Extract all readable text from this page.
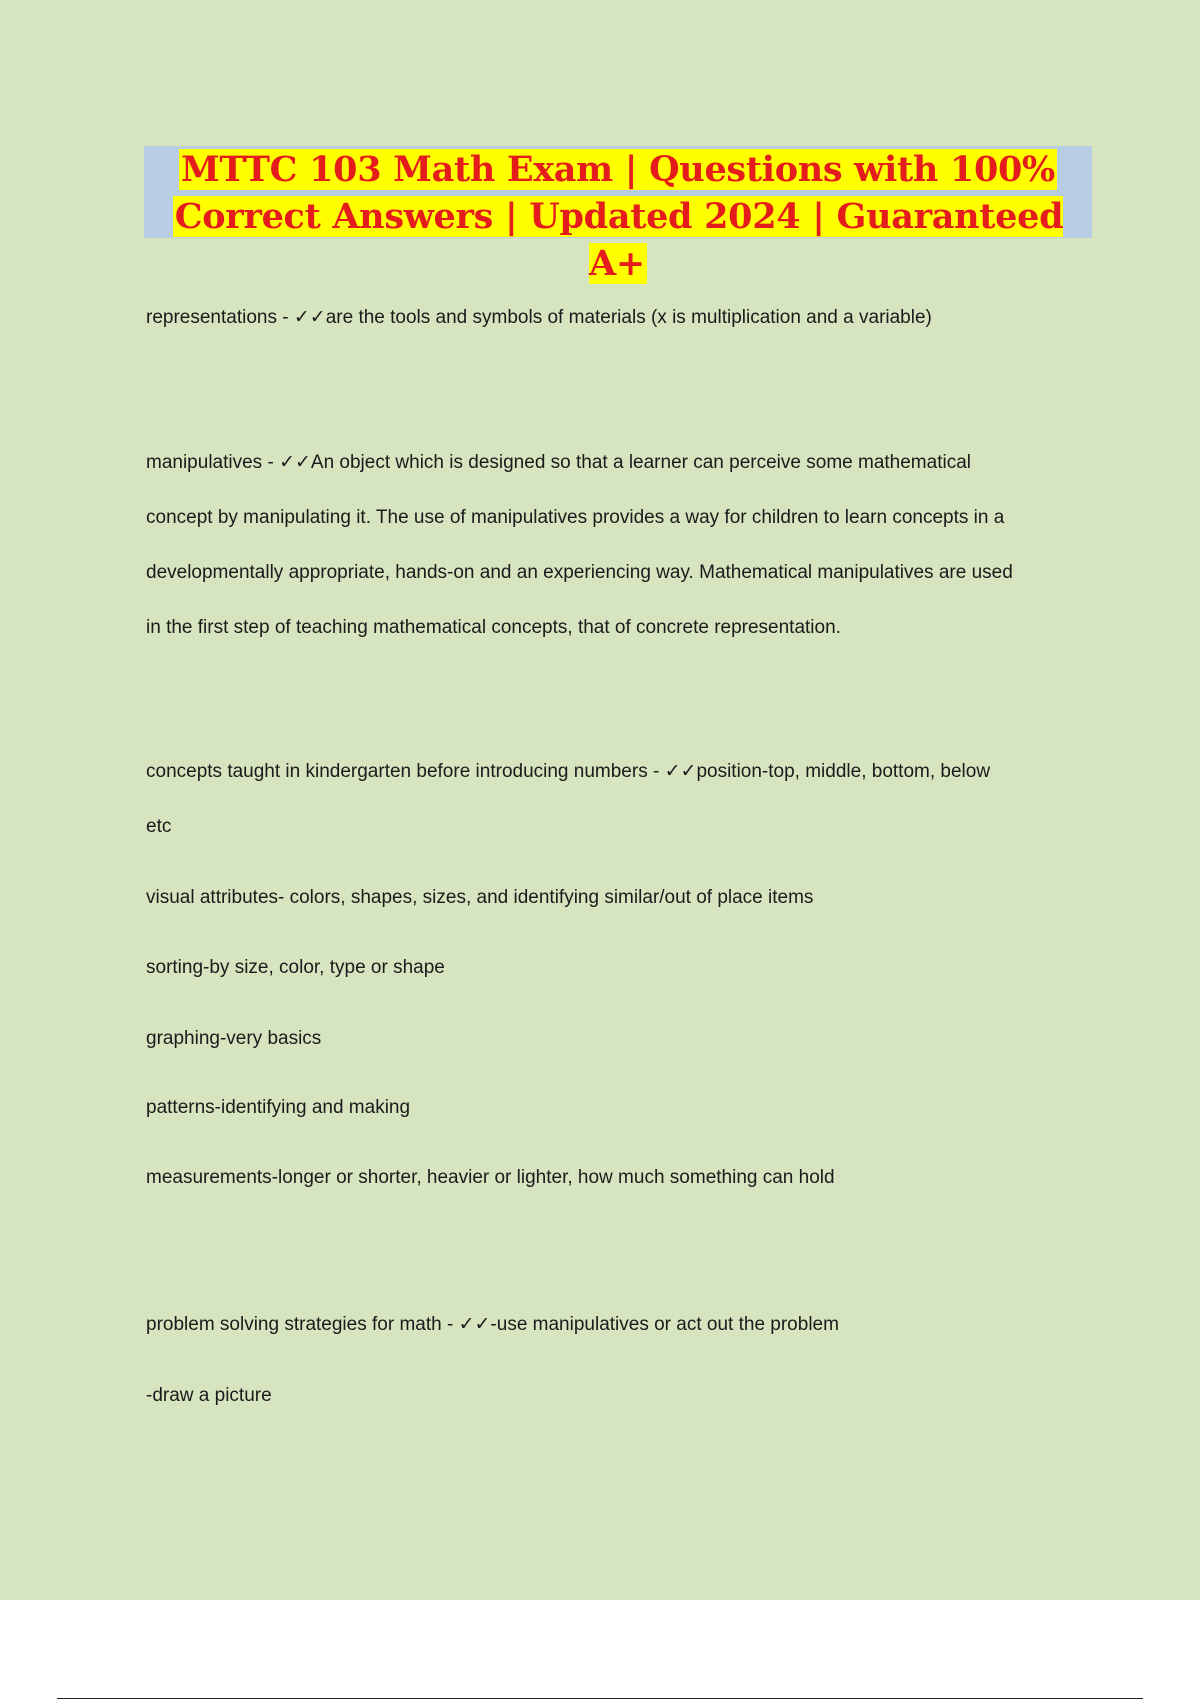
MTTC 103 Math Exam | Questions with 100%
Correct Answers | Updated 2024 | Guaranteed A+

representations - ✓✓are the tools and symbols of materials (x is multiplication and a variable)

manipulatives - ✓✓An object which is designed so that a learner can perceive some mathematical

concept by manipulating it. The use of manipulatives provides a way for children to learn concepts in a

developmentally appropriate, hands-on and an experiencing way. Mathematical manipulatives are used

in the first step of teaching mathematical concepts, that of concrete representation.

concepts taught in kindergarten before introducing numbers - ✓✓position-top, middle, bottom, below

etc

visual attributes- colors, shapes, sizes, and identifying similar/out of place items

sorting-by size, color, type or shape

graphing-very basics

patterns-identifying and making

measurements-longer or shorter, heavier or lighter, how much something can hold

problem solving strategies for math - ✓✓-use manipulatives or act out the problem

-draw a picture
